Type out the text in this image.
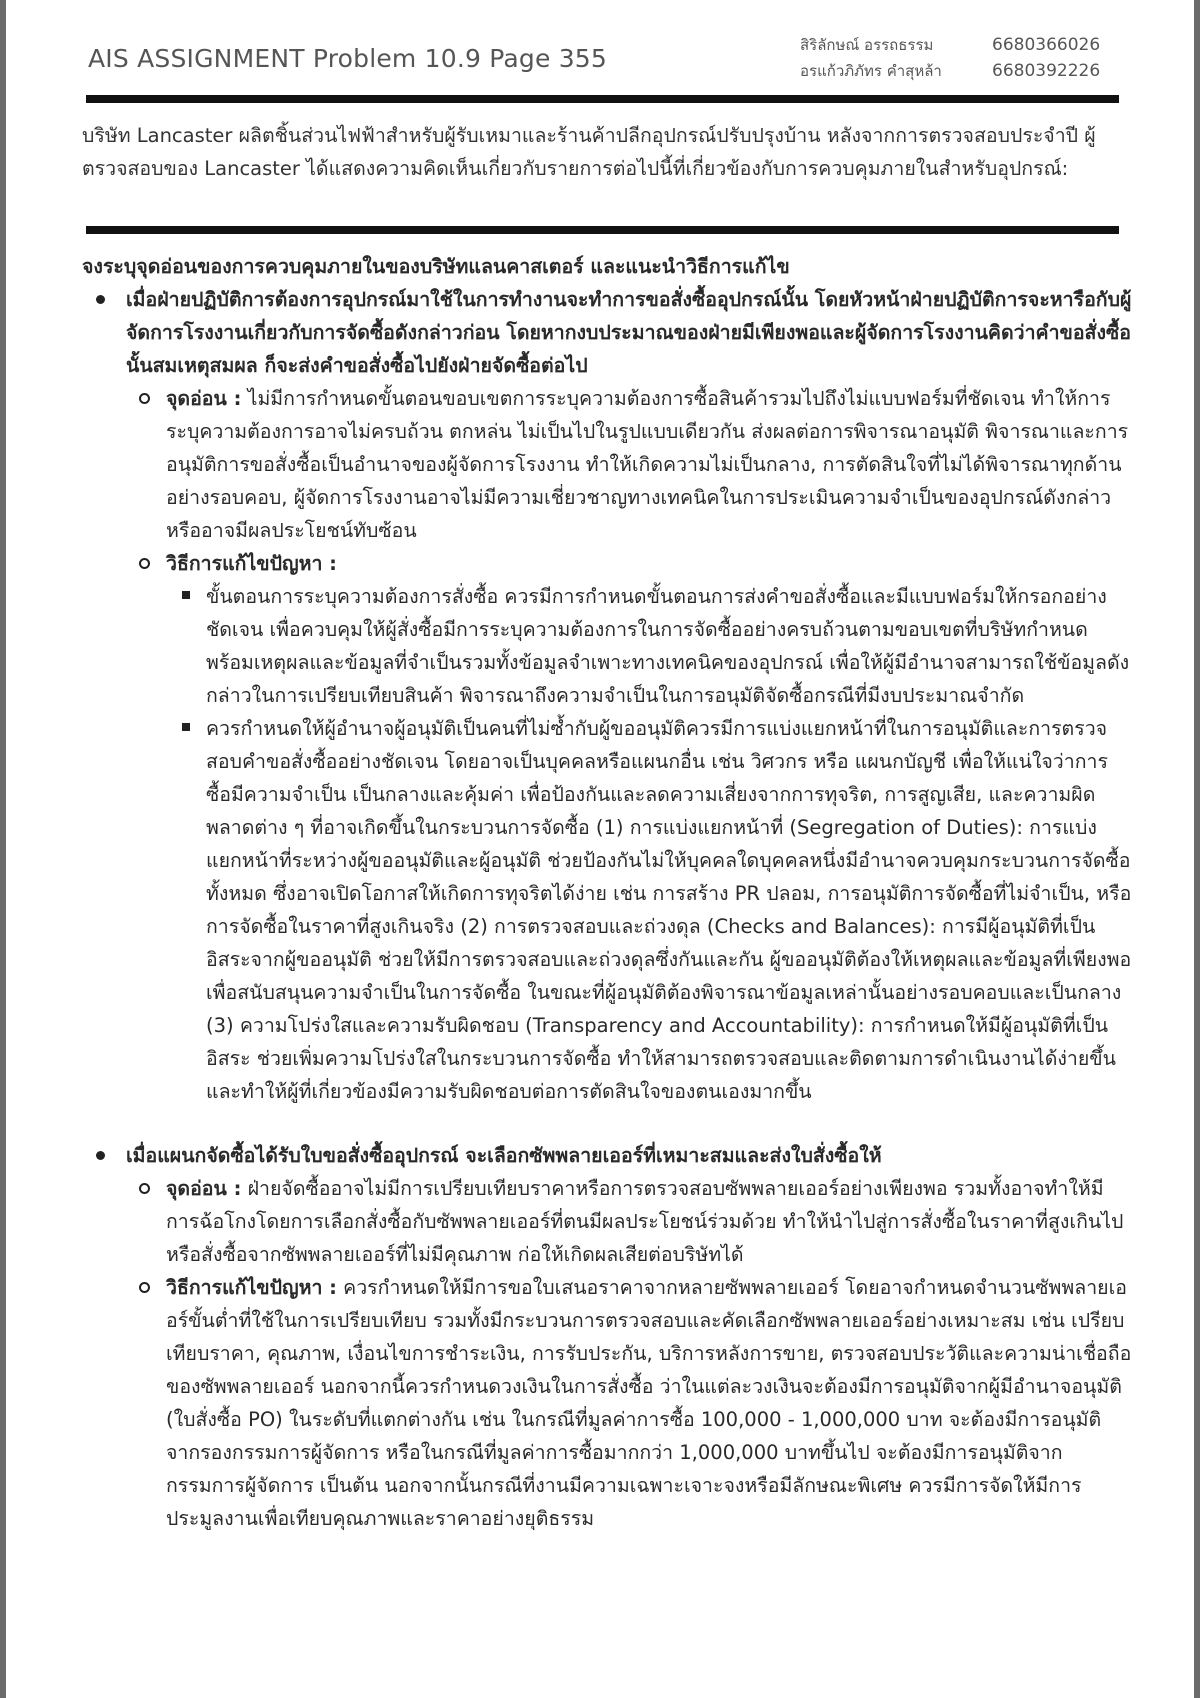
AIS ASSIGNMENT Problem 10.9 Page 355	สิริลักษณ์ อรรถธรรม	6680366026
อรแก้วภิภัทร คำสุหล้า	6680392226

บริษัท Lancaster ผลิตชิ้นส่วนไฟฟ้าสำหรับผู้รับเหมาและร้านค้าปลีกอุปกรณ์ปรับปรุงบ้าน หลังจากการตรวจสอบประจำปี ผู้ตรวจสอบของ Lancaster ได้แสดงความคิดเห็นเกี่ยวกับรายการต่อไปนี้ที่เกี่ยวข้องกับการควบคุมภายในสำหรับอุปกรณ์:

จงระบุจุดอ่อนของการควบคุมภายในของบริษัทแลนคาสเตอร์ และแนะนำวิธีการแก้ไข

เมื่อฝ่ายปฏิบัติการต้องการอุปกรณ์มาใช้ในการทำงานจะทำการขอสั่งซื้ออุปกรณ์นั้น โดยหัวหน้าฝ่ายปฏิบัติการจะหารือกับผู้จัดการโรงงานเกี่ยวกับการจัดซื้อดังกล่าวก่อน โดยหากงบประมาณของฝ่ายมีเพียงพอและผู้จัดการโรงงานคิดว่าคำขอสั่งซื้อนั้นสมเหตุสมผล ก็จะส่งคำขอสั่งซื้อไปยังฝ่ายจัดซื้อต่อไป
จุดอ่อน : ไม่มีการกำหนดขั้นตอนขอบเขตการระบุความต้องการซื้อสินค้ารวมไปถึงไม่แบบฟอร์มที่ชัดเจน ทำให้การระบุความต้องการอาจไม่ครบถ้วน ตกหล่น ไม่เป็นไปในรูปแบบเดียวกัน ส่งผลต่อการพิจารณาอนุมัติ พิจารณาและการอนุมัติการขอสั่งซื้อเป็นอำนาจของผู้จัดการโรงงาน ทำให้เกิดความไม่เป็นกลาง, การตัดสินใจที่ไม่ได้พิจารณาทุกด้านอย่างรอบคอบ, ผู้จัดการโรงงานอาจไม่มีความเชี่ยวชาญทางเทคนิคในการประเมินความจำเป็นของอุปกรณ์ดังกล่าว หรืออาจมีผลประโยชน์ทับซ้อน
วิธีการแก้ไขปัญหา :
ขั้นตอนการระบุความต้องการสั่งซื้อ ควรมีการกำหนดขั้นตอนการส่งคำขอสั่งซื้อและมีแบบฟอร์มให้กรอกอย่างชัดเจน เพื่อควบคุมให้ผู้สั่งซื้อมีการระบุความต้องการในการจัดซื้ออย่างครบถ้วนตามขอบเขตที่บริษัทกำหนด พร้อมเหตุผลและข้อมูลที่จำเป็นรวมทั้งข้อมูลจำเพาะทางเทคนิคของอุปกรณ์ เพื่อให้ผู้มีอำนาจสามารถใช้ข้อมูลดังกล่าวในการเปรียบเทียบสินค้า พิจารณาถึงความจำเป็นในการอนุมัติจัดซื้อกรณีที่มีงบประมาณจำกัด
ควรกำหนดให้ผู้อำนาจผู้อนุมัติเป็นคนที่ไม่ซ้ำกับผู้ขออนุมัติควรมีการแบ่งแยกหน้าที่ในการอนุมัติและการตรวจสอบคำขอสั่งซื้ออย่างชัดเจน โดยอาจเป็นบุคคลหรือแผนกอื่น เช่น วิศวกร หรือ แผนกบัญชี เพื่อให้แน่ใจว่าการซื้อมีความจำเป็น เป็นกลางและคุ้มค่า เพื่อป้องกันและลดความเสี่ยงจากการทุจริต, การสูญเสีย, และความผิดพลาดต่าง ๆ ที่อาจเกิดขึ้นในกระบวนการจัดซื้อ (1) การแบ่งแยกหน้าที่ (Segregation of Duties): การแบ่งแยกหน้าที่ระหว่างผู้ขออนุมัติและผู้อนุมัติ ช่วยป้องกันไม่ให้บุคคลใดบุคคลหนึ่งมีอำนาจควบคุมกระบวนการจัดซื้อทั้งหมด ซึ่งอาจเปิดโอกาสให้เกิดการทุจริตได้ง่าย เช่น การสร้าง PR ปลอม, การอนุมัติการจัดซื้อที่ไม่จำเป็น, หรือการจัดซื้อในราคาที่สูงเกินจริง (2) การตรวจสอบและถ่วงดุล (Checks and Balances): การมีผู้อนุมัติที่เป็นอิสระจากผู้ขออนุมัติ ช่วยให้มีการตรวจสอบและถ่วงดุลซึ่งกันและกัน ผู้ขออนุมัติต้องให้เหตุผลและข้อมูลที่เพียงพอเพื่อสนับสนุนความจำเป็นในการจัดซื้อ ในขณะที่ผู้อนุมัติต้องพิจารณาข้อมูลเหล่านั้นอย่างรอบคอบและเป็นกลาง (3) ความโปร่งใสและความรับผิดชอบ (Transparency and Accountability): การกำหนดให้มีผู้อนุมัติที่เป็นอิสระ ช่วยเพิ่มความโปร่งใสในกระบวนการจัดซื้อ ทำให้สามารถตรวจสอบและติดตามการดำเนินงานได้ง่ายขึ้น และทำให้ผู้ที่เกี่ยวข้องมีความรับผิดชอบต่อการตัดสินใจของตนเองมากขึ้น
เมื่อแผนกจัดซื้อได้รับใบขอสั่งซื้ออุปกรณ์ จะเลือกซัพพลายเออร์ที่เหมาะสมและส่งใบสั่งซื้อให้
จุดอ่อน : ฝ่ายจัดซื้ออาจไม่มีการเปรียบเทียบราคาหรือการตรวจสอบซัพพลายเออร์อย่างเพียงพอ รวมทั้งอาจทำให้มีการฉ้อโกงโดยการเลือกสั่งซื้อกับซัพพลายเออร์ที่ตนมีผลประโยชน์ร่วมด้วย ทำให้นำไปสู่การสั่งซื้อในราคาที่สูงเกินไป หรือสั่งซื้อจากซัพพลายเออร์ที่ไม่มีคุณภาพ ก่อให้เกิดผลเสียต่อบริษัทได้
วิธีการแก้ไขปัญหา : ควรกำหนดให้มีการขอใบเสนอราคาจากหลายซัพพลายเออร์ โดยอาจกำหนดจำนวนซัพพลายเออร์ขั้นต่ำที่ใช้ในการเปรียบเทียบ รวมทั้งมีกระบวนการตรวจสอบและคัดเลือกซัพพลายเออร์อย่างเหมาะสม เช่น เปรียบเทียบราคา, คุณภาพ, เงื่อนไขการชำระเงิน, การรับประกัน, บริการหลังการขาย, ตรวจสอบประวัติและความน่าเชื่อถือของซัพพลายเออร์ นอกจากนี้ควรกำหนดวงเงินในการสั่งซื้อ ว่าในแต่ละวงเงินจะต้องมีการอนุมัติจากผู้มีอำนาจอนุมัติ (ใบสั่งซื้อ PO) ในระดับที่แตกต่างกัน เช่น ในกรณีที่มูลค่าการซื้อ 100,000 - 1,000,000 บาท จะต้องมีการอนุมัติจากรองกรรมการผู้จัดการ หรือในกรณีที่มูลค่าการซื้อมากกว่า 1,000,000 บาทขึ้นไป จะต้องมีการอนุมัติจากกรรมการผู้จัดการ เป็นต้น นอกจากนั้นกรณีที่งานมีความเฉพาะเจาะจงหรือมีลักษณะพิเศษ ควรมีการจัดให้มีการประมูลงานเพื่อเทียบคุณภาพและราคาอย่างยุติธรรม
